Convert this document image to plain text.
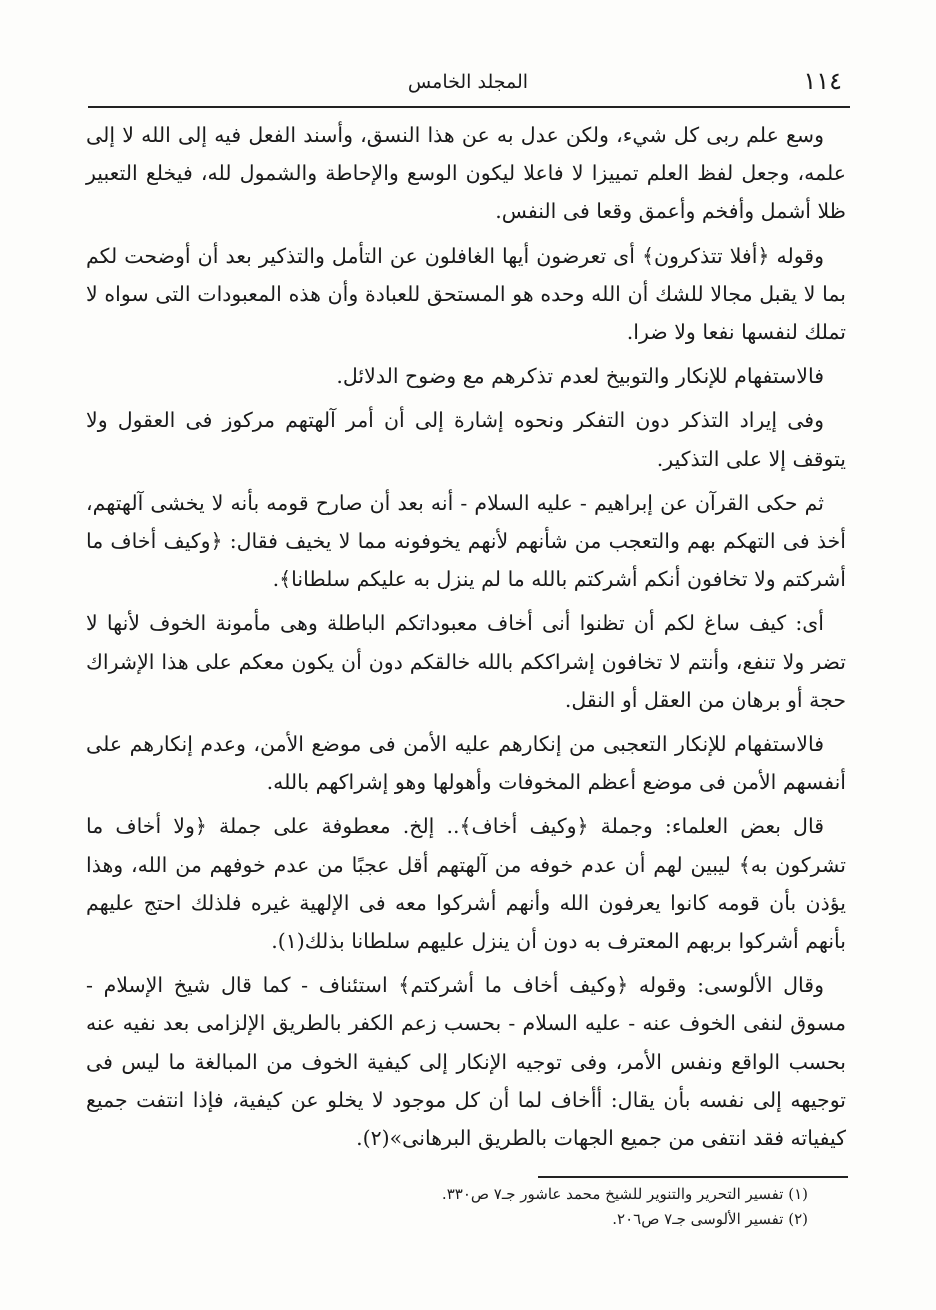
١١٤
المجلد الخامس

وسع علم ربى كل شيء، ولكن عدل به عن هذا النسق، وأسند الفعل فيه إلى الله لا إلى علمه، وجعل لفظ العلم تمييزا لا فاعلا ليكون الوسع والإحاطة والشمول لله، فيخلع التعبير ظلا أشمل وأفخم وأعمق وقعا فى النفس.

وقوله ﴿أفلا تتذكرون﴾ أى تعرضون أيها الغافلون عن التأمل والتذكير بعد أن أوضحت لكم بما لا يقبل مجالا للشك أن الله وحده هو المستحق للعبادة وأن هذه المعبودات التى سواه لا تملك لنفسها نفعا ولا ضرا.

فالاستفهام للإنكار والتوبيخ لعدم تذكرهم مع وضوح الدلائل.

وفى إيراد التذكر دون التفكر ونحوه إشارة إلى أن أمر آلهتهم مركوز فى العقول ولا يتوقف إلا على التذكير.

ثم حكى القرآن عن إبراهيم - عليه السلام - أنه بعد أن صارح قومه بأنه لا يخشى آلهتهم، أخذ فى التهكم بهم والتعجب من شأنهم لأنهم يخوفونه مما لا يخيف فقال: ﴿وكيف أخاف ما أشركتم ولا تخافون أنكم أشركتم بالله ما لم ينزل به عليكم سلطانا﴾.

أى: كيف ساغ لكم أن تظنوا أنى أخاف معبوداتكم الباطلة وهى مأمونة الخوف لأنها لا تضر ولا تنفع، وأنتم لا تخافون إشراككم بالله خالقكم دون أن يكون معكم على هذا الإشراك حجة أو برهان من العقل أو النقل.

فالاستفهام للإنكار التعجبى من إنكارهم عليه الأمن فى موضع الأمن، وعدم إنكارهم على أنفسهم الأمن فى موضع أعظم المخوفات وأهولها وهو إشراكهم بالله.

قال بعض العلماء: وجملة ﴿وكيف أخاف﴾.. إلخ. معطوفة على جملة ﴿ولا أخاف ما تشركون به﴾ ليبين لهم أن عدم خوفه من آلهتهم أقل عجبًا من عدم خوفهم من الله، وهذا يؤذن بأن قومه كانوا يعرفون الله وأنهم أشركوا معه فى الإلهية غيره فلذلك احتج عليهم بأنهم أشركوا بربهم المعترف به دون أن ينزل عليهم سلطانا بذلك(١).

وقال الألوسى: وقوله ﴿وكيف أخاف ما أشركتم﴾ استئناف - كما قال شيخ الإسلام - مسوق لنفى الخوف عنه - عليه السلام - بحسب زعم الكفر بالطريق الإلزامى بعد نفيه عنه بحسب الواقع ونفس الأمر، وفى توجيه الإنكار إلى كيفية الخوف من المبالغة ما ليس فى توجيهه إلى نفسه بأن يقال: أأخاف لما أن كل موجود لا يخلو عن كيفية، فإذا انتفت جميع كيفياته فقد انتفى من جميع الجهات بالطريق البرهانى»(٢).

(١) تفسير التحرير والتنوير للشيخ محمد عاشور جـ٧ ص٣٣٠.

(٢) تفسير الألوسى جـ٧ ص٢٠٦.
